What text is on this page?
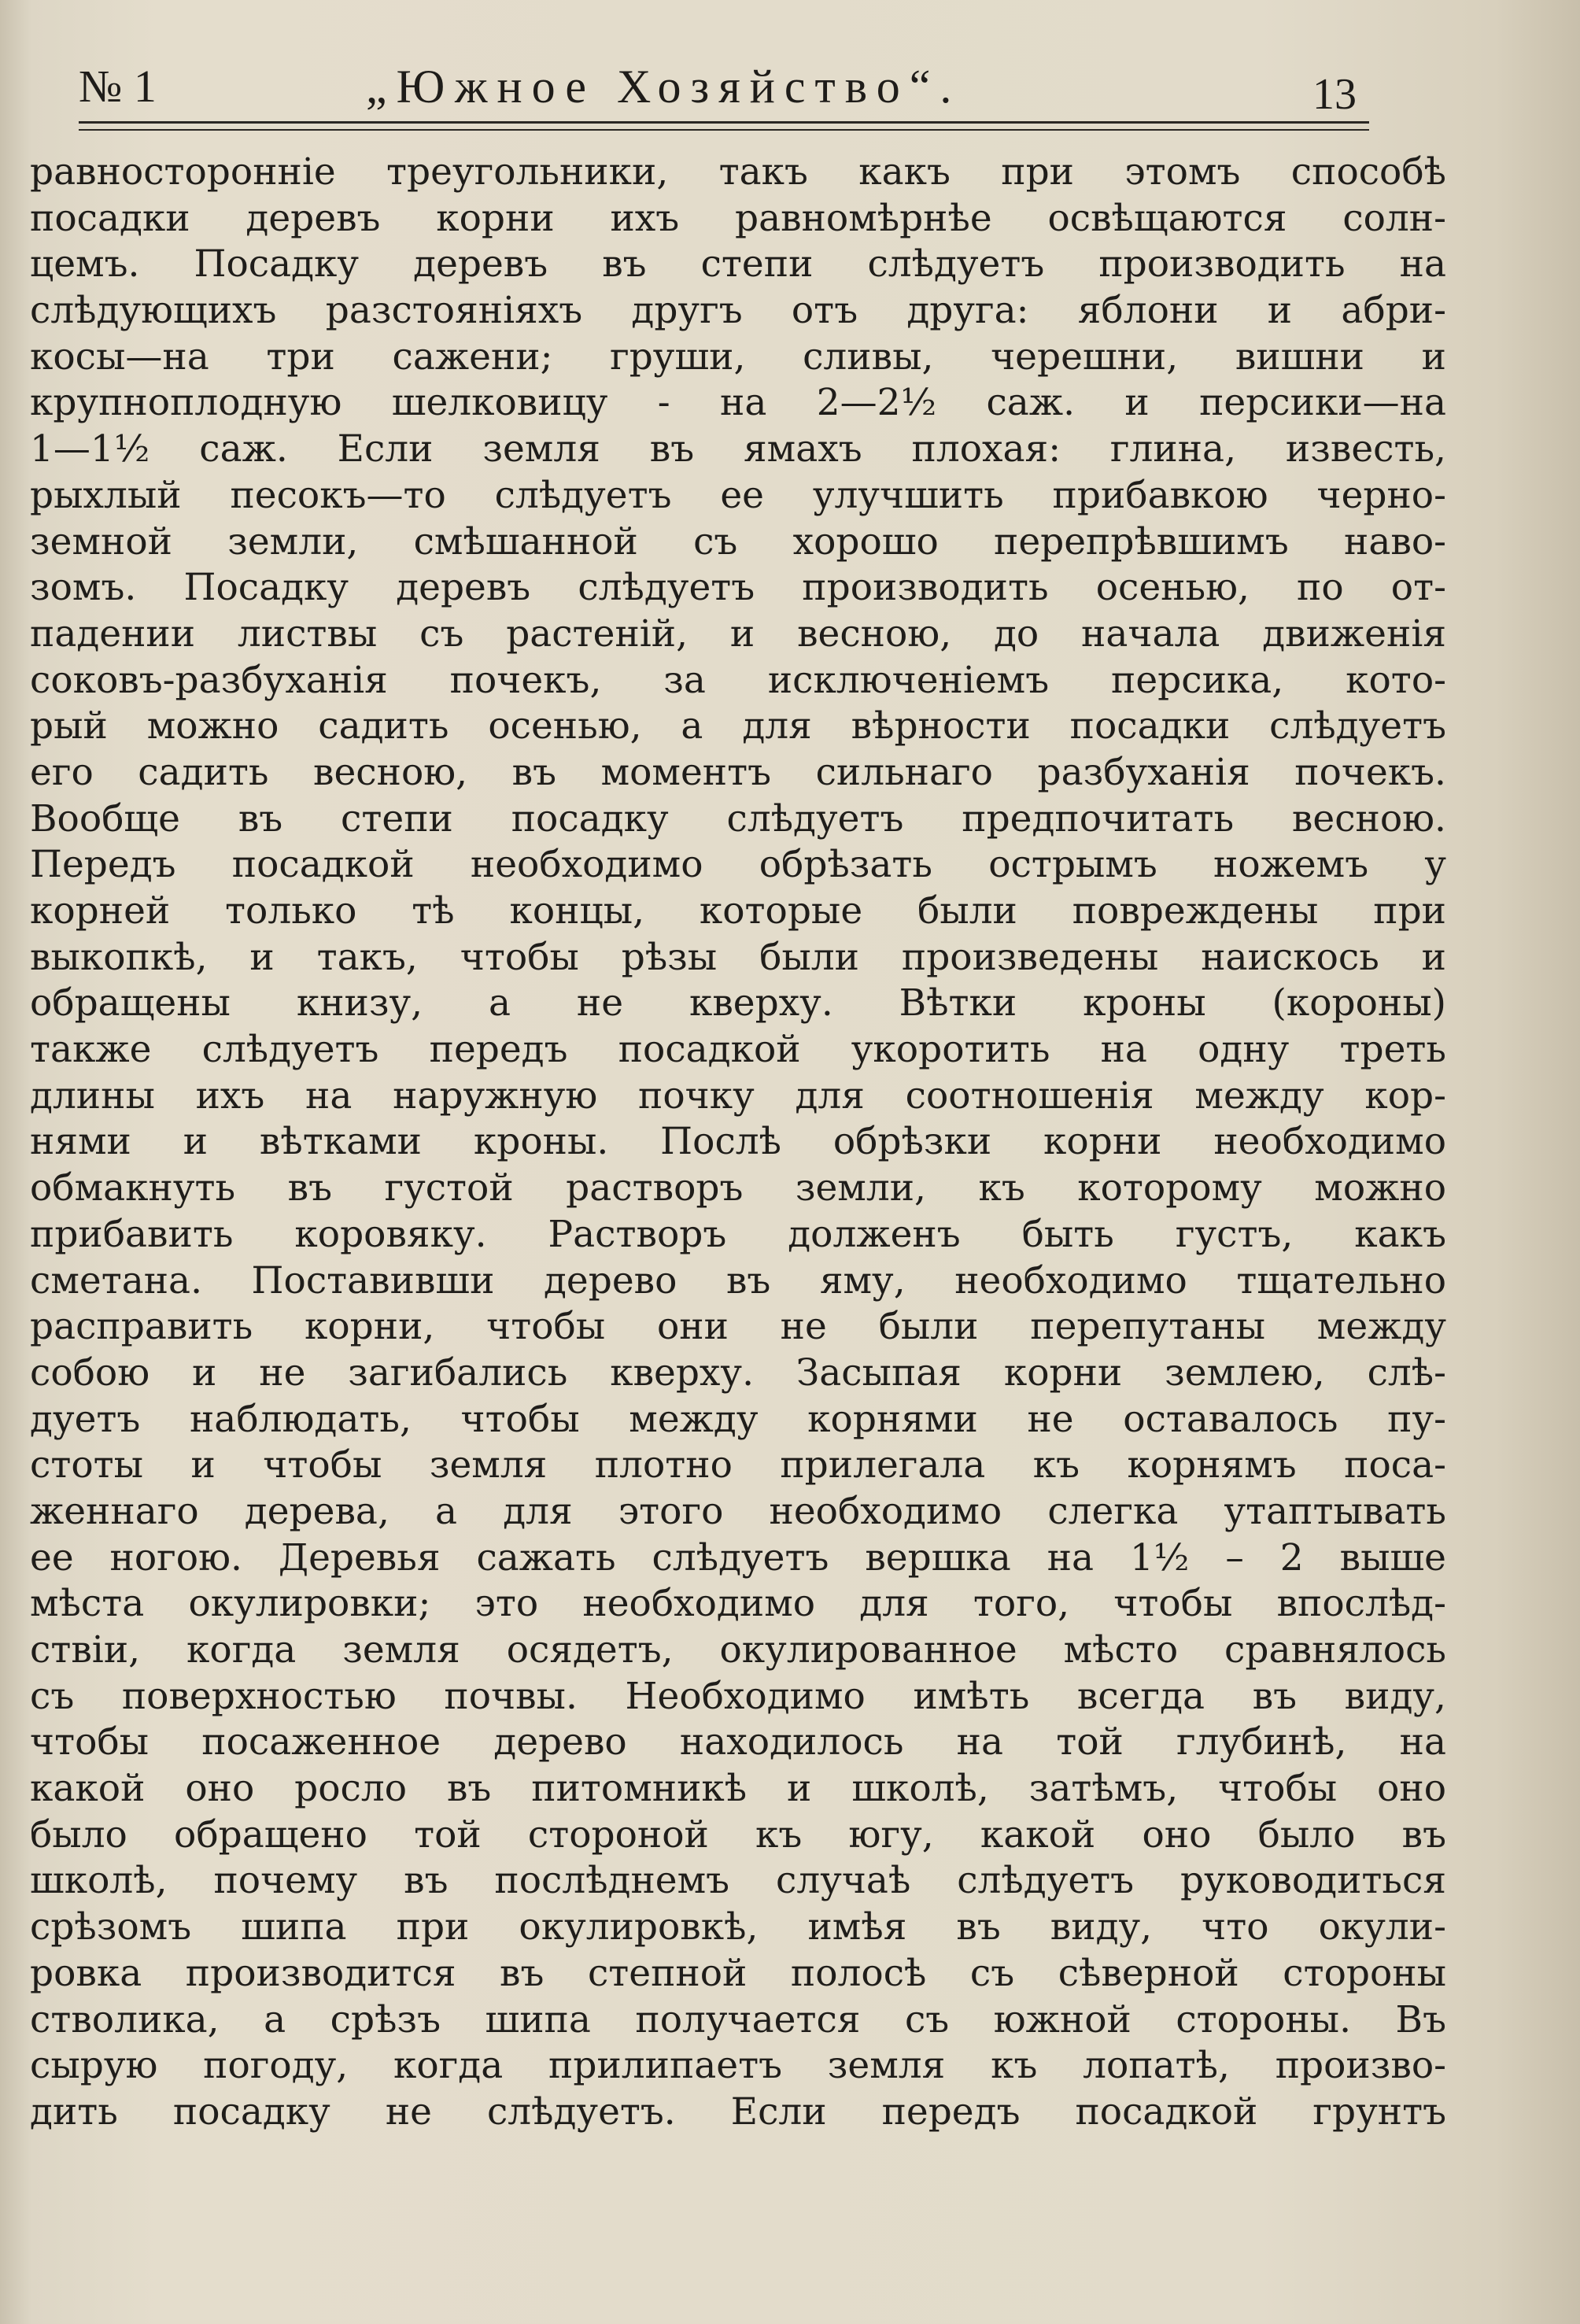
№ 1	„Южное Хозяйство“.	13
равносторонніе треугольники, такъ какъ при этомъ способѣ
посадки деревъ корни ихъ равномѣрнѣе освѣщаются солн-
цемъ. Посадку деревъ въ степи слѣдуетъ производить на
слѣдующихъ разстояніяхъ другъ отъ друга: яблони и абри-
косы—на три сажени; груши, сливы, черешни, вишни и
крупноплодную шелковицу - на 2—2½ саж. и персики—на
1—1½ саж. Если земля въ ямахъ плохая: глина, известь,
рыхлый песокъ—то слѣдуетъ ее улучшить прибавкою черно-
земной земли, смѣшанной съ хорошо перепрѣвшимъ наво-
зомъ. Посадку деревъ слѣдуетъ производить осенью, по от-
падении листвы съ растеній, и весною, до начала движенія
соковъ-разбуханія почекъ, за исключеніемъ персика, кото-
рый можно садить осенью, а для вѣрности посадки слѣдуетъ
его садить весною, въ моментъ сильнаго разбуханія почекъ.
Вообще въ степи посадку слѣдуетъ предпочитать весною.
Передъ посадкой необходимо обрѣзать острымъ ножемъ у
корней только тѣ концы, которые были повреждены при
выкопкѣ, и такъ, чтобы рѣзы были произведены наискось и
обращены книзу, а не кверху. Вѣтки кроны (короны)
также слѣдуетъ передъ посадкой укоротить на одну треть
длины ихъ на наружную почку для соотношенія между кор-
нями и вѣтками кроны. Послѣ обрѣзки корни необходимо
обмакнуть въ густой растворъ земли, къ которому можно
прибавить коровяку. Растворъ долженъ быть густъ, какъ
сметана. Поставивши дерево въ яму, необходимо тщательно
расправить корни, чтобы они не были перепутаны между
собою и не загибались кверху. Засыпая корни землею, слѣ-
дуетъ наблюдать, чтобы между корнями не оставалось пу-
стоты и чтобы земля плотно прилегала къ корнямъ поса-
женнаго дерева, а для этого необходимо слегка утаптывать
ее ногою. Деревья сажать слѣдуетъ вершка на 1½ – 2 выше
мѣста окулировки; это необходимо для того, чтобы впослѣд-
ствіи, когда земля осядетъ, окулированное мѣсто сравнялось
съ поверхностью почвы. Необходимо имѣть всегда въ виду,
чтобы посаженное дерево находилось на той глубинѣ, на
какой оно росло въ питомникѣ и школѣ, затѣмъ, чтобы оно
было обращено той стороной къ югу, какой оно было въ
школѣ, почему въ послѣднемъ случаѣ слѣдуетъ руководиться
срѣзомъ шипа при окулировкѣ, имѣя въ виду, что окули-
ровка производится въ степной полосѣ съ сѣверной стороны
стволика, а срѣзъ шипа получается съ южной стороны. Въ
сырую погоду, когда прилипаетъ земля къ лопатѣ, произво-
дить посадку не слѣдуетъ. Если передъ посадкой грунтъ
